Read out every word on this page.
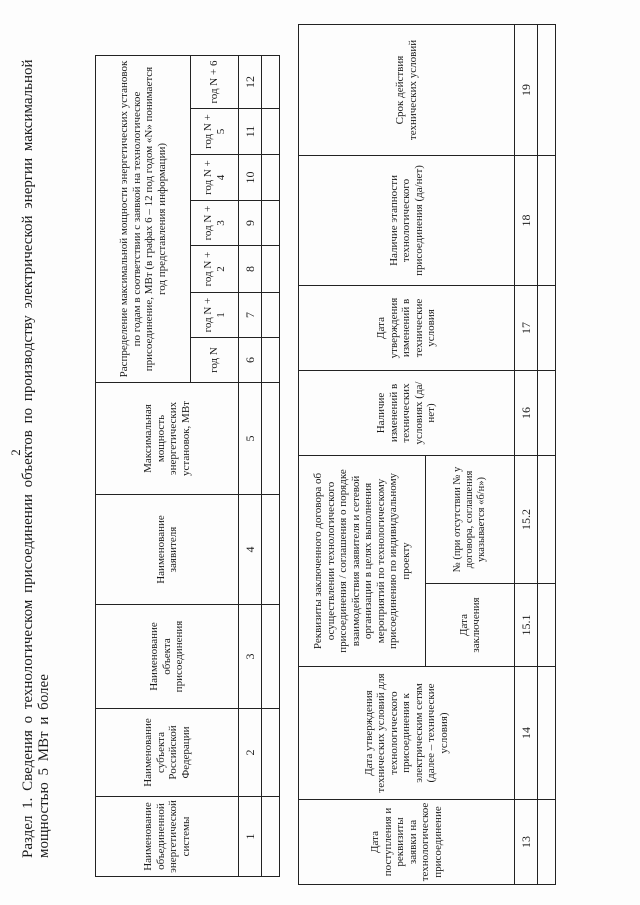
2
Раздел 1. Сведения о технологическом присоединении объектов по производству электрической энергии максимальной мощностью 5 МВт и более	Наименование объединенной энергетической системы	Наименование субъекта Российской Федерации	Наименование объекта присоединения	Наименование заявителя	Максимальная мощность энергетических установок, МВт	Распределение максимальной мощности энергетических установок по годам в соответствии с заявкой на технологическое присоединение, МВт (в графах 6 – 12 под годом «N» понимается год представления информации)						
					год N	год N + 1	год N + 2	год N + 3	год N + 4	год N + 5	год N + 6
1	2	3	4	5	6	7	8	9	10	11	12

Дата поступления и реквизиты заявки на технологическое присоединение	Дата утверждения технических условий для технологического присоединения к электрическим сетям (далее – технические условия)	Реквизиты заключенного договора об осуществлении технологического присоединения / соглашения о порядке взаимодействия заявителя и сетевой организации в целях выполнения мероприятий по технологическому присоединению по индивидуальному проекту		Наличие изменений в технических условиях (да/нет)	Дата утверждения изменений в технические условия	Наличие этапности технологического присоединения (да/нет)	Срок действия технических условий
		Дата заключения	№ (при отсутствии № у договора, соглашения указывается «б/н»)				
13	14	15.1	15.2	16	17	18	19
